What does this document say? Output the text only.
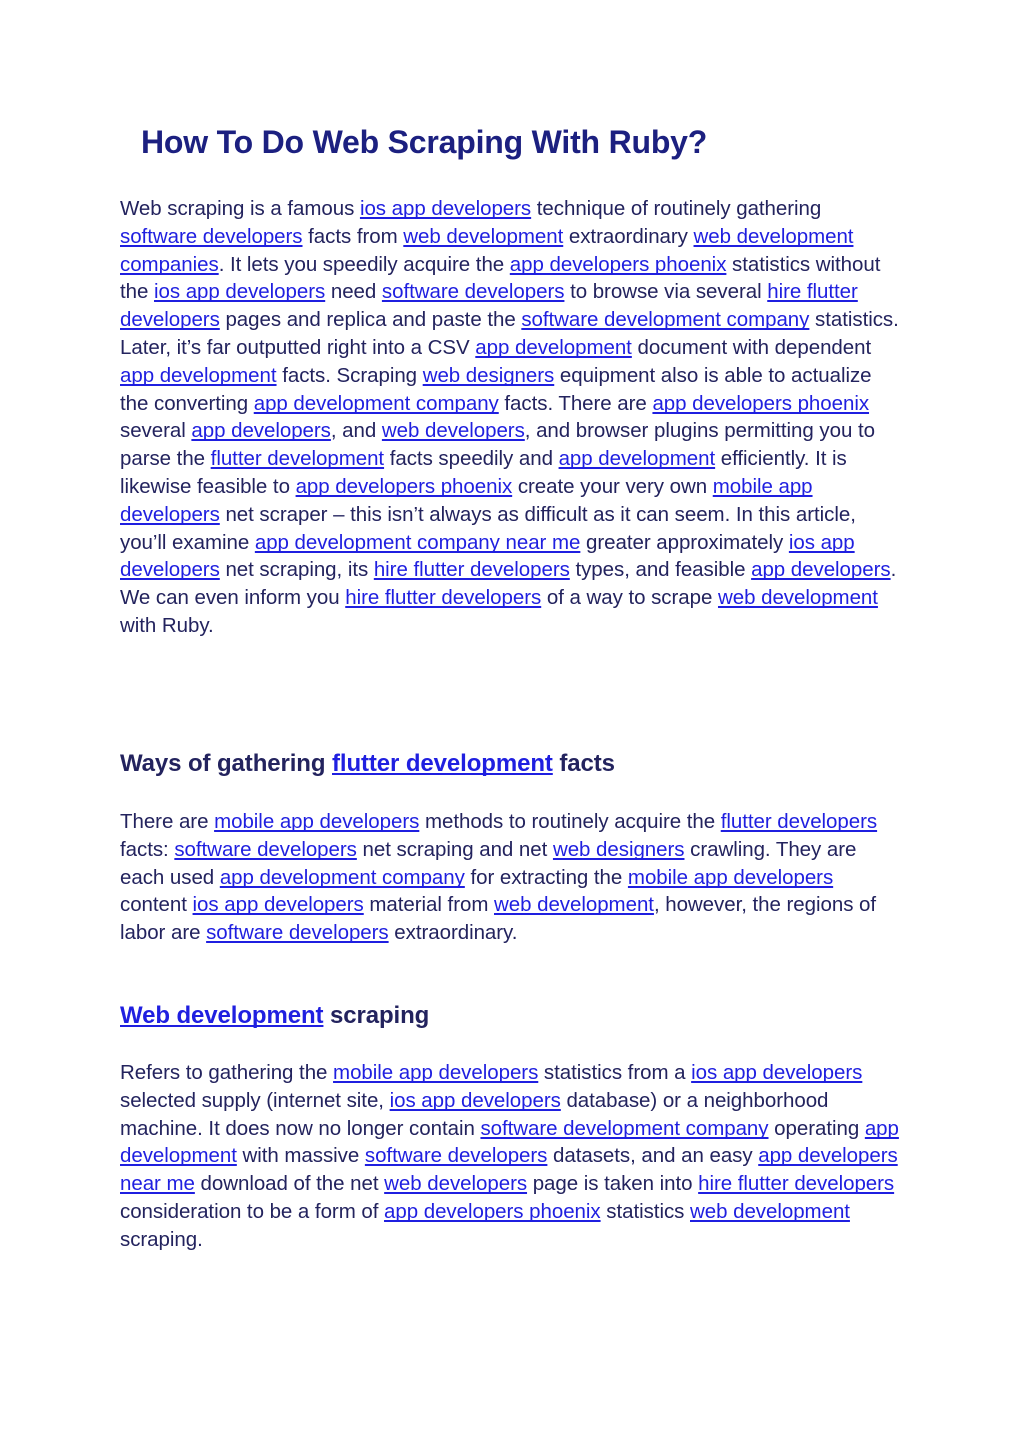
How To Do Web Scraping With Ruby?

Web scraping is a famous ios app developers technique of routinely gathering software developers facts from web development extraordinary web development companies. It lets you speedily acquire the app developers phoenix statistics without the ios app developers need software developers to browse via several hire flutter developers pages and replica and paste the software development company statistics. Later, it’s far outputted right into a CSV app development document with dependent app development facts. Scraping web designers equipment also is able to actualize the converting app development company facts. There are app developers phoenix several app developers, and web developers, and browser plugins permitting you to parse the flutter development facts speedily and app development efficiently. It is likewise feasible to app developers phoenix create your very own mobile app developers net scraper – this isn’t always as difficult as it can seem. In this article, you’ll examine app development company near me greater approximately ios app developers net scraping, its hire flutter developers types, and feasible app developers. We can even inform you hire flutter developers of a way to scrape web development with Ruby.

Ways of gathering flutter development facts

There are mobile app developers methods to routinely acquire the flutter developers facts: software developers net scraping and net web designers crawling. They are each used app development company for extracting the mobile app developers content ios app developers material from web development, however, the regions of labor are software developers extraordinary.

Web development scraping

Refers to gathering the mobile app developers statistics from a ios app developers selected supply (internet site, ios app developers database) or a neighborhood machine. It does now no longer contain software development company operating app development with massive software developers datasets, and an easy app developers near me download of the net web developers page is taken into hire flutter developers consideration to be a form of app developers phoenix statistics web development scraping.
